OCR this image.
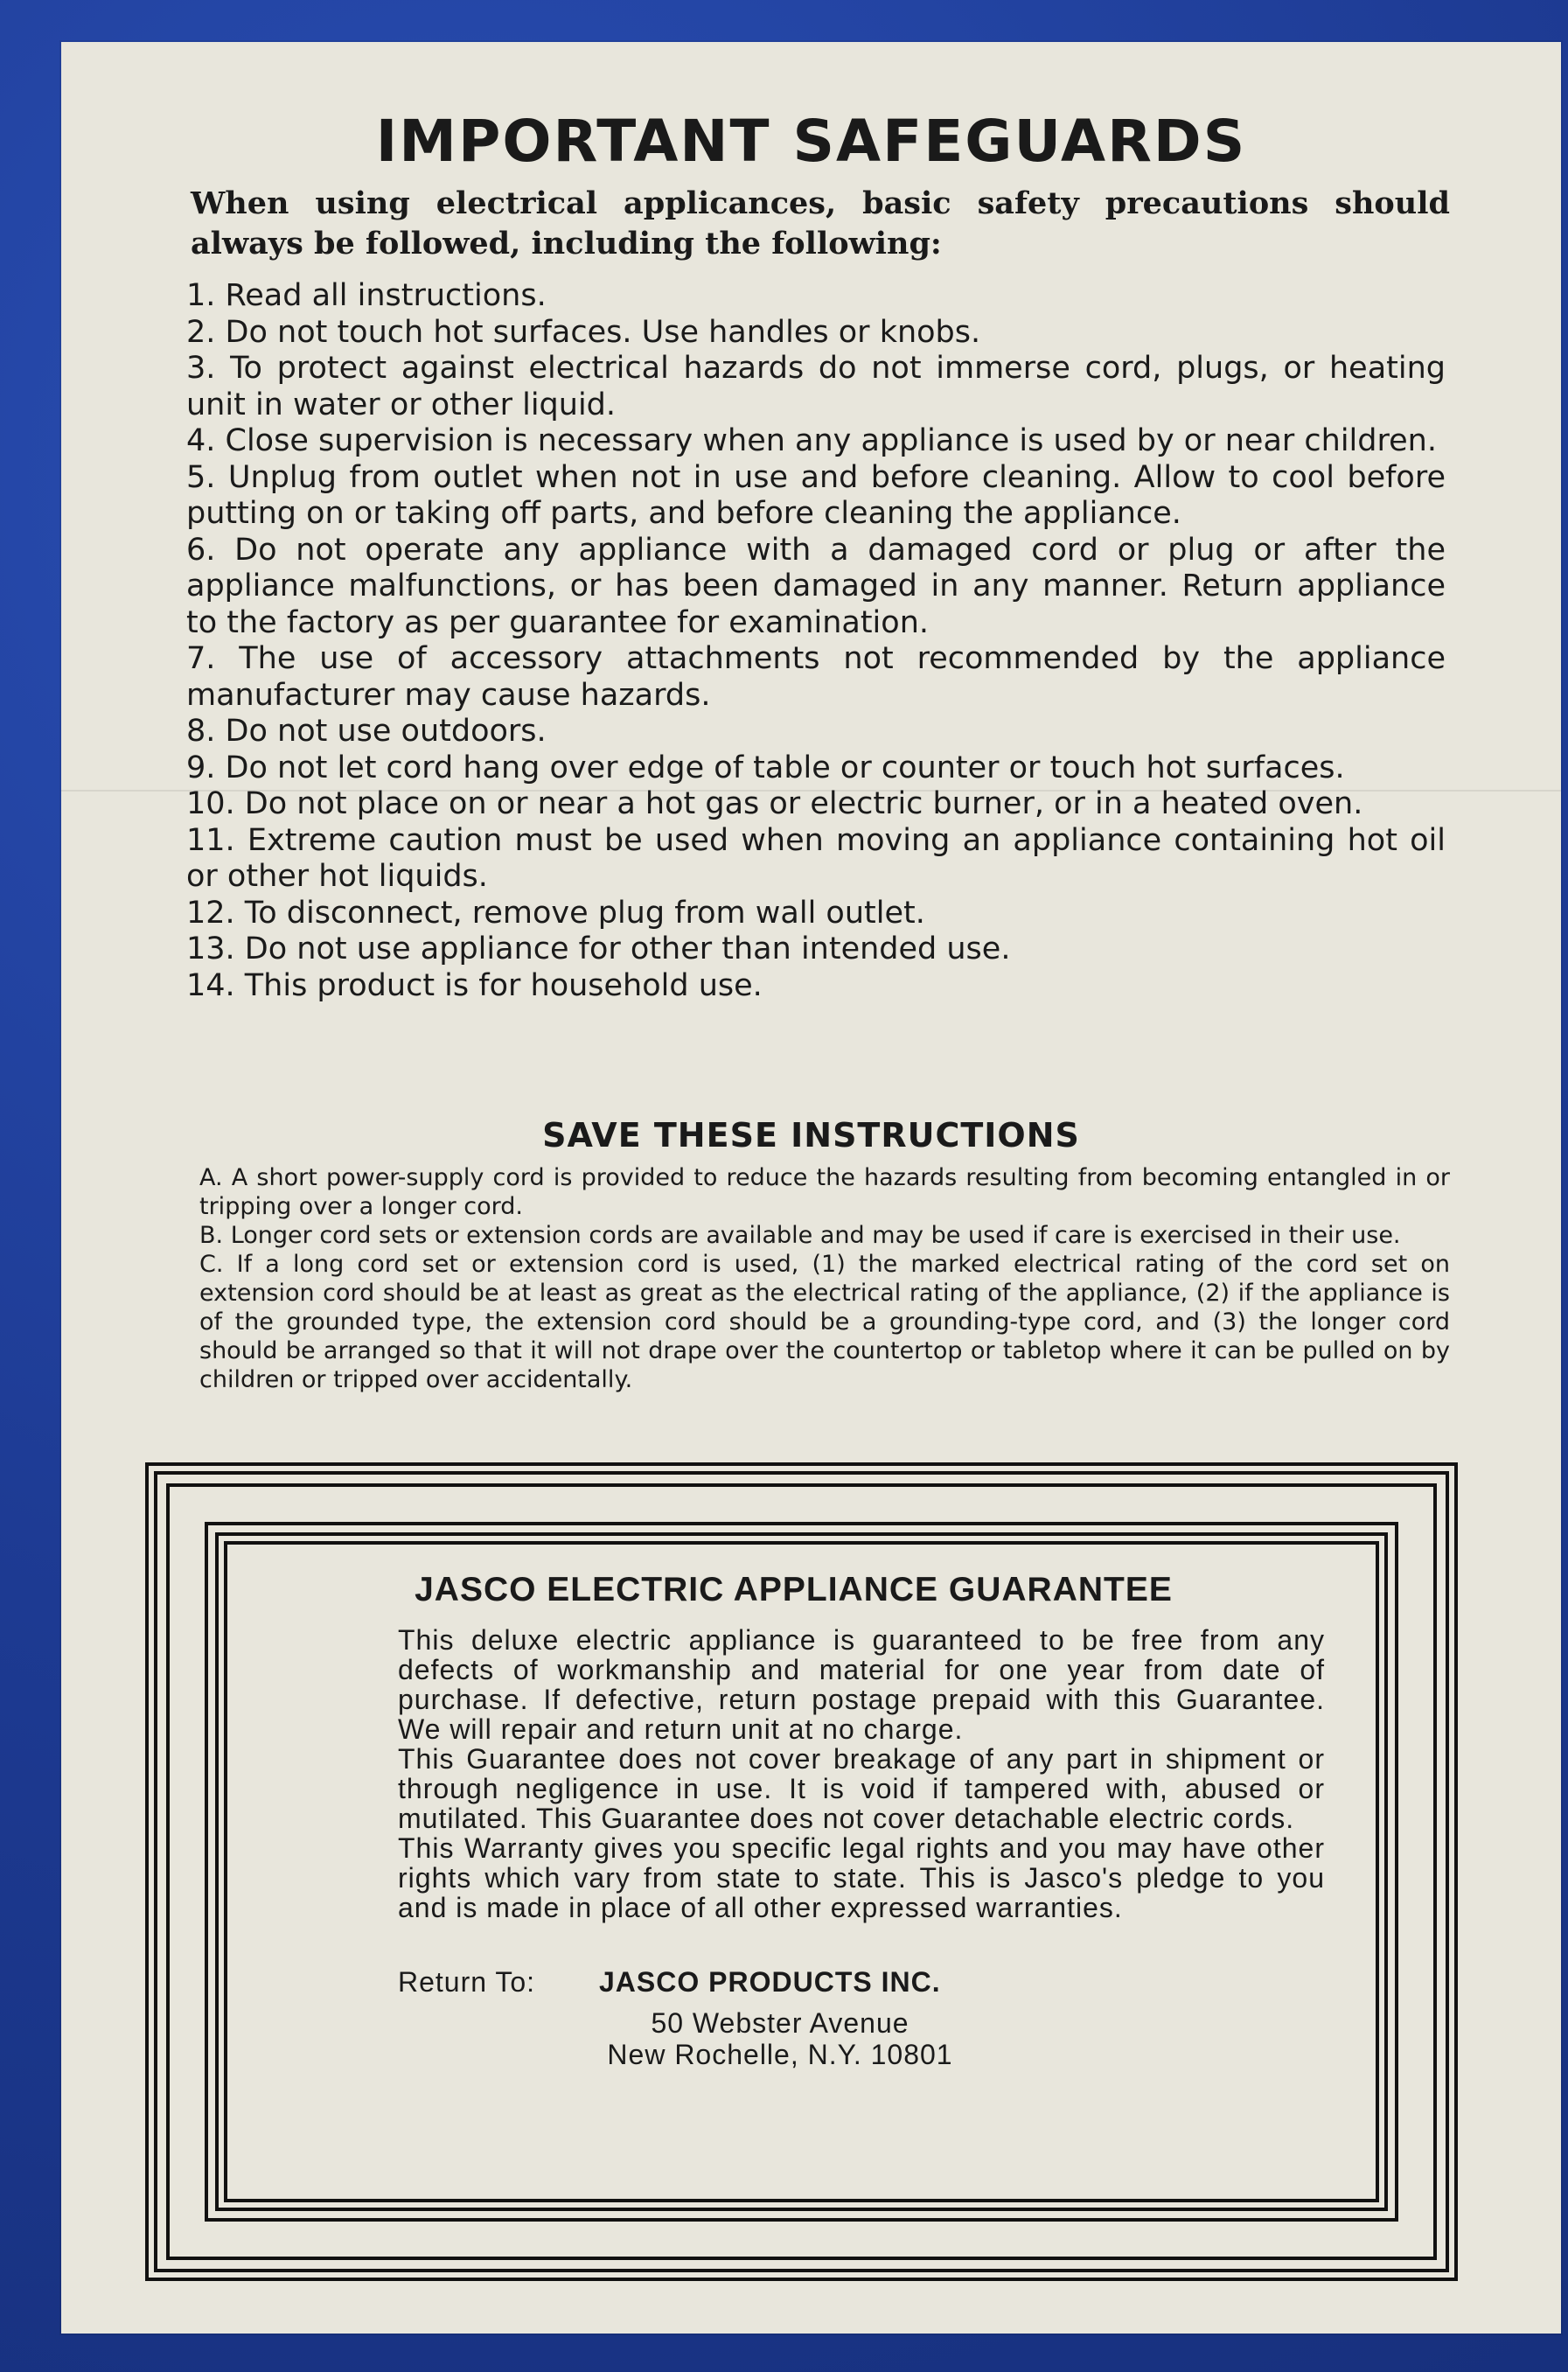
IMPORTANT SAFEGUARDS
When using electrical applicances, basic safety precautions should always be followed, including the following:
1. Read all instructions.
2. Do not touch hot surfaces. Use handles or knobs.
3. To protect against electrical hazards do not immerse cord, plugs, or heating unit in water or other liquid.
4. Close supervision is necessary when any appliance is used by or near children.
5. Unplug from outlet when not in use and before cleaning. Allow to cool before putting on or taking off parts, and before cleaning the appliance.
6. Do not operate any appliance with a damaged cord or plug or after the appliance malfunctions, or has been damaged in any manner. Return appliance to the factory as per guarantee for examination.
7. The use of accessory attachments not recommended by the appliance manufacturer may cause hazards.
8. Do not use outdoors.
9. Do not let cord hang over edge of table or counter or touch hot surfaces.
10. Do not place on or near a hot gas or electric burner, or in a heated oven.
11. Extreme caution must be used when moving an appliance containing hot oil or other hot liquids.
12. To disconnect, remove plug from wall outlet.
13. Do not use appliance for other than intended use.
14. This product is for household use.
SAVE THESE INSTRUCTIONS

A. A short power-supply cord is provided to reduce the hazards resulting from becoming entangled in or tripping over a longer cord.

B. Longer cord sets or extension cords are available and may be used if care is exercised in their use.

C. If a long cord set or extension cord is used, (1) the marked electrical rating of the cord set on extension cord should be at least as great as the electrical rating of the appliance, (2) if the appliance is of the grounded type, the extension cord should be a grounding-type cord, and (3) the longer cord should be arranged so that it will not drape over the countertop or tabletop where it can be pulled on by children or tripped over accidentally.

JASCO ELECTRIC APPLIANCE GUARANTEE

This deluxe electric appliance is guaranteed to be free from any defects of workmanship and material for one year from date of purchase. If defective, return postage prepaid with this Guarantee. We will repair and return unit at no charge.

This Guarantee does not cover breakage of any part in shipment or through negligence in use. It is void if tampered with, abused or mutilated. This Guarantee does not cover detachable electric cords.

This Warranty gives you specific legal rights and you may have other rights which vary from state to state. This is Jasco's pledge to you and is made in place of all other expressed warranties.

Return To: JASCO PRODUCTS INC.
50 Webster Avenue
New Rochelle, N.Y. 10801
